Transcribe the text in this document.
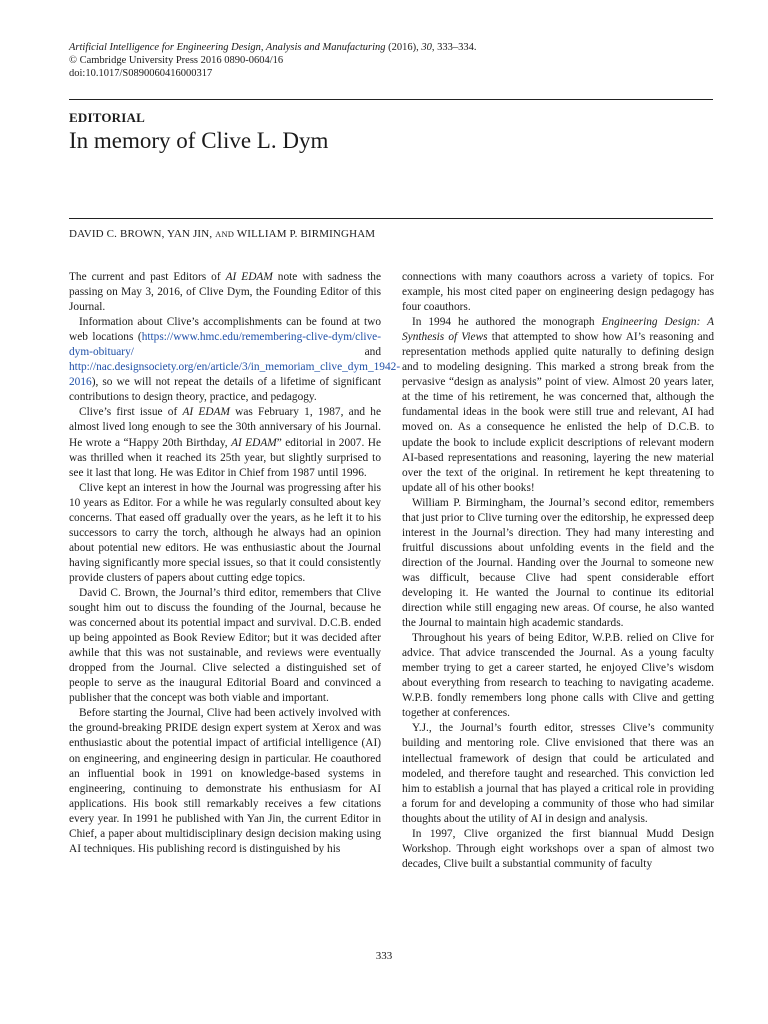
Artificial Intelligence for Engineering Design, Analysis and Manufacturing (2016), 30, 333–334.
© Cambridge University Press 2016 0890-0604/16
doi:10.1017/S0890060416000317
EDITORIAL
In memory of Clive L. Dym
DAVID C. BROWN, YAN JIN, AND WILLIAM P. BIRMINGHAM

The current and past Editors of AI EDAM note with sadness the passing on May 3, 2016, of Clive Dym, the Founding Editor of this Journal.

Information about Clive’s accomplishments can be found at two web locations (https://www.hmc.edu/remembering-clive-dym/clive-dym-obituary/ and http://nac.designsociety.org/en/article/3/in_memoriam_clive_dym_1942-2016), so we will not repeat the details of a lifetime of significant contributions to design theory, practice, and pedagogy.

Clive’s first issue of AI EDAM was February 1, 1987, and he almost lived long enough to see the 30th anniversary of his Journal. He wrote a “Happy 20th Birthday, AI EDAM” editorial in 2007. He was thrilled when it reached its 25th year, but slightly surprised to see it last that long. He was Editor in Chief from 1987 until 1996.

Clive kept an interest in how the Journal was progressing after his 10 years as Editor. For a while he was regularly consulted about key concerns. That eased off gradually over the years, as he left it to his successors to carry the torch, although he always had an opinion about potential new editors. He was enthusiastic about the Journal having significantly more special issues, so that it could consistently provide clusters of papers about cutting edge topics.

David C. Brown, the Journal’s third editor, remembers that Clive sought him out to discuss the founding of the Journal, because he was concerned about its potential impact and survival. D.C.B. ended up being appointed as Book Review Editor; but it was decided after awhile that this was not sustainable, and reviews were eventually dropped from the Journal. Clive selected a distinguished set of people to serve as the inaugural Editorial Board and convinced a publisher that the concept was both viable and important.

Before starting the Journal, Clive had been actively involved with the ground-breaking PRIDE design expert system at Xerox and was enthusiastic about the potential impact of artificial intelligence (AI) on engineering, and engineering design in particular. He coauthored an influential book in 1991 on knowledge-based systems in engineering, continuing to demonstrate his enthusiasm for AI applications. His book still remarkably receives a few citations every year. In 1991 he published with Yan Jin, the current Editor in Chief, a paper about multidisciplinary design decision making using AI techniques. His publishing record is distinguished by his

connections with many coauthors across a variety of topics. For example, his most cited paper on engineering design pedagogy has four coauthors.

In 1994 he authored the monograph Engineering Design: A Synthesis of Views that attempted to show how AI’s reasoning and representation methods applied quite naturally to defining design and to modeling designing. This marked a strong break from the pervasive “design as analysis” point of view. Almost 20 years later, at the time of his retirement, he was concerned that, although the fundamental ideas in the book were still true and relevant, AI had moved on. As a consequence he enlisted the help of D.C.B. to update the book to include explicit descriptions of relevant modern AI-based representations and reasoning, layering the new material over the text of the original. In retirement he kept threatening to update all of his other books!

William P. Birmingham, the Journal’s second editor, remembers that just prior to Clive turning over the editorship, he expressed deep interest in the Journal’s direction. They had many interesting and fruitful discussions about unfolding events in the field and the direction of the Journal. Handing over the Journal to someone new was difficult, because Clive had spent considerable effort developing it. He wanted the Journal to continue its editorial direction while still engaging new areas. Of course, he also wanted the Journal to maintain high academic standards.

Throughout his years of being Editor, W.P.B. relied on Clive for advice. That advice transcended the Journal. As a young faculty member trying to get a career started, he enjoyed Clive’s wisdom about everything from research to teaching to navigating academe. W.P.B. fondly remembers long phone calls with Clive and getting together at conferences.

Y.J., the Journal’s fourth editor, stresses Clive’s community building and mentoring role. Clive envisioned that there was an intellectual framework of design that could be articulated and modeled, and therefore taught and researched. This conviction led him to establish a journal that has played a critical role in providing a forum for and developing a community of those who had similar thoughts about the utility of AI in design and analysis.

In 1997, Clive organized the first biannual Mudd Design Workshop. Through eight workshops over a span of almost two decades, Clive built a substantial community of faculty

333
